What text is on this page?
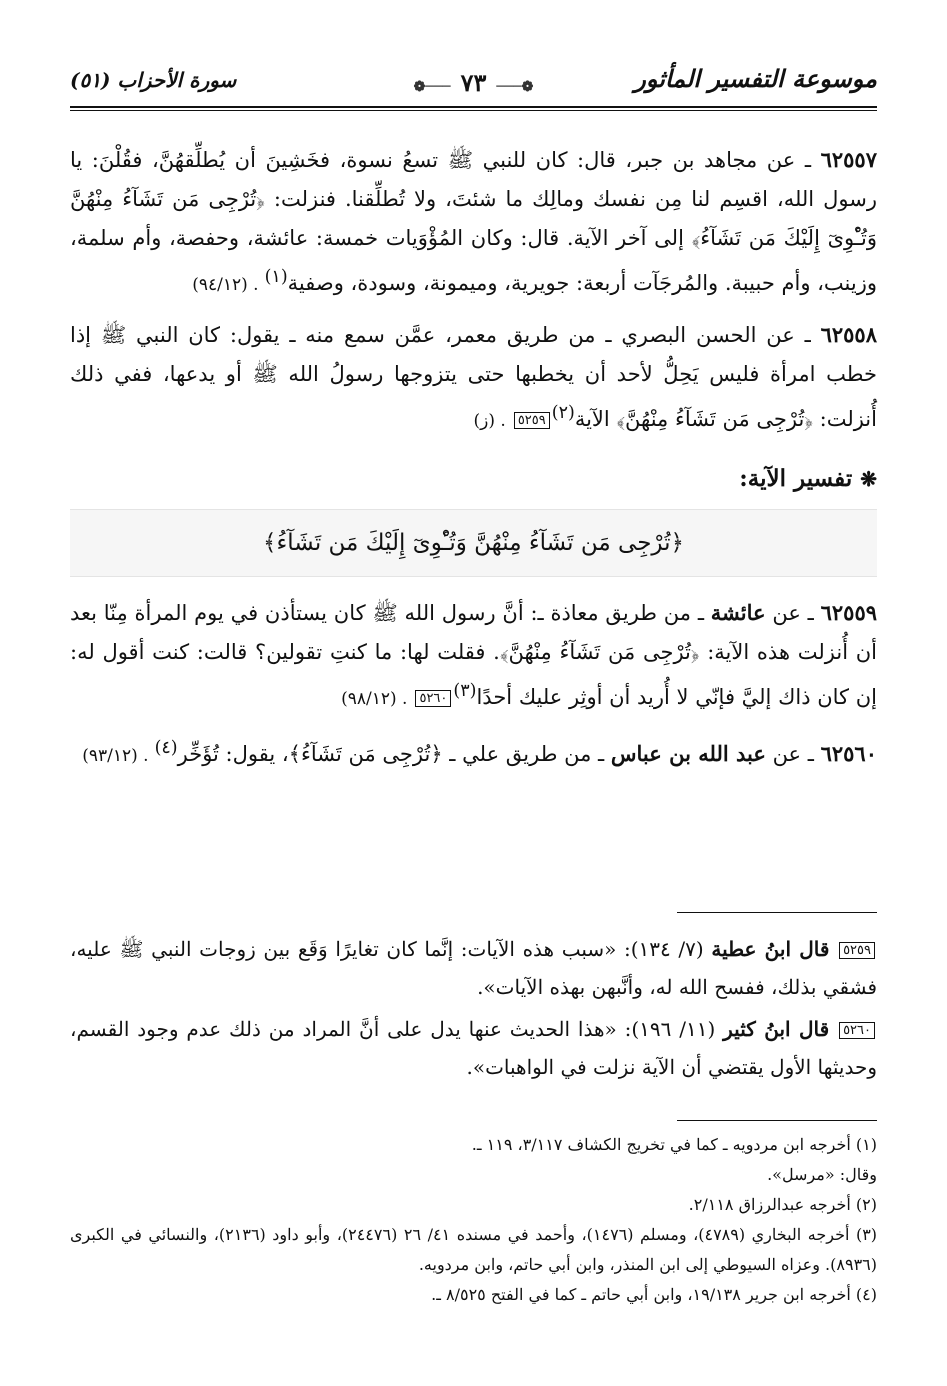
موسوعة التفسير المأثور
❁─── ٧٣ ───❁
سورة الأحزاب (٥١)

٦٢٥٥٧ ـ عن مجاهد بن جبر، قال: كان للنبي ﷺ تسعُ نسوة، فخَشِينَ أن يُطلِّقهُنَّ، فقُلْنَ: يا رسول الله، اقسِم لنا مِن نفسك ومالِك ما شئتَ، ولا تُطلِّقنا. فنزلت: ﴿تُرْجِى مَن تَشَآءُ مِنْهُنَّ وَتُـْٔوِىٓ إِلَيْكَ مَن تَشَآءُ﴾ إلى آخر الآية. قال: وكان المُؤْوَيات خمسة: عائشة، وحفصة، وأم سلمة، وزينب، وأم حبيبة. والمُرجَآت أربعة: جويرية، وميمونة، وسودة، وصفية$^{(١)}$. (٩٤/١٢)

٦٢٥٥٨ ـ عن الحسن البصري ـ من طريق معمر، عمَّن سمع منه ـ يقول: كان النبي ﷺ إذا خطب امرأة فليس يَحِلُّ لأحد أن يخطبها حتى يتزوجها رسولُ الله ﷺ أو يدعها، ففي ذلك أُنزلت: ﴿تُرْجِى مَن تَشَآءُ مِنْهُنَّ﴾ الآية$^{(٢)}$٥٢٥٩. (ز)

❋تفسير الآية:
﴿تُرْجِى مَن تَشَآءُ مِنْهُنَّ وَتُـْٔوِىٓ إِلَيْكَ مَن تَشَآءُ﴾

٦٢٥٥٩ ـ عن عائشة ـ من طريق معاذة ـ: أنَّ رسول الله ﷺ كان يستأذن في يوم المرأة مِنّا بعد أن أُنزلت هذه الآية: ﴿تُرْجِى مَن تَشَآءُ مِنْهُنَّ﴾. فقلت لها: ما كنتِ تقولين؟ قالت: كنت أقول له: إن كان ذاك إليَّ فإنّي لا أُريد أن أوثِر عليك أحدًا$^{(٣)}$٥٢٦٠. (٩٨/١٢)

٦٢٥٦٠ ـ عن عبد الله بن عباس ـ من طريق علي ـ ﴿تُرْجِى مَن تَشَآءُ﴾، يقول: تُؤَخِّر$^{(٤)}$. (٩٣/١٢)

٥٢٥٩ قال ابنُ عطية (٧/ ١٣٤): «سبب هذه الآيات: إنَّما كان تغايرًا وَقَع بين زوجات النبي ﷺ عليه، فشقي بذلك، ففسح الله له، وأنَّبهن بهذه الآيات».

٥٢٦٠ قال ابنُ كثير (١١/ ١٩٦): «هذا الحديث عنها يدل على أنَّ المراد من ذلك عدم وجود القسم، وحديثها الأول يقتضي أن الآية نزلت في الواهبات».

(١) أخرجه ابن مردويه ـ كما في تخريج الكشاف ٣/١١٧، ١١٩ ـ.

وقال: «مرسل».

(٢) أخرجه عبدالرزاق ٢/١١٨.

(٣) أخرجه البخاري (٤٧٨٩)، ومسلم (١٤٧٦)، وأحمد في مسنده ٤١/ ٢٦ (٢٤٤٧٦)، وأبو داود (٢١٣٦)، والنسائي في الكبرى (٨٩٣٦). وعزاه السيوطي إلى ابن المنذر، وابن أبي حاتم، وابن مردويه.

(٤) أخرجه ابن جرير ١٩/١٣٨، وابن أبي حاتم ـ كما في الفتح ٨/٥٢٥ ـ.
